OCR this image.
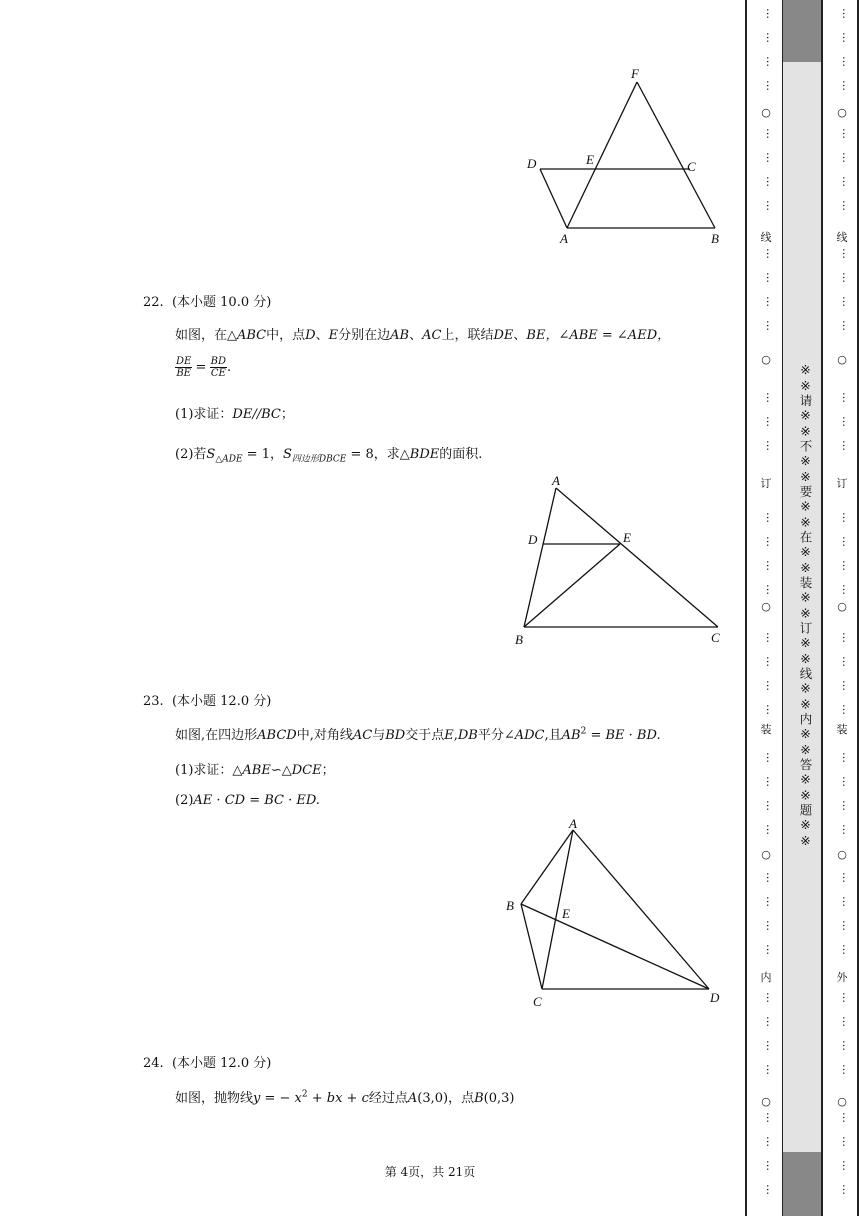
F
D	E	C
A	B
22. (本小题 10.0 分)
如图，在△ABC中，点D、E分别在边AB、AC上，联结DE、BE，∠ABE = ∠AED，
$\frac{DE}{BE} = \frac{BD}{CE}$ .
(1)求证：DE//BC；
(2)若$S_{\triangle ADE} = 1$，$S_{四边形DBCE} = 8$，求△BDE的面积.
A
D	E
B	C
23. (本小题 12.0 分)
如图,在四边形ABCD中,对角线AC与BD交于点E,DB平分∠ADC,且$AB^2$ = BE · BD.
(1)求证：△ABE∽△DCE；
(2)AE · CD = BC · ED.
A
B
E
C	D
24. (本小题 12.0 分)
如图，抛物线y = − $x^2$ + bx + c经过点A(3,0)，点B(0,3)
第 4页，共 21页
※※请※※不※※要※※在※※装※※订※※线※※内※※答※※题※※
○
○
○
○
○
线
订
装
内
…
…
…
…
…
…
…
…
…
…
…
…
…
…
…
…
…
…
…
…
…
…
…
…
…
…
…
…
…
…
…
…
…
…
…
…
…
…
…
○
○
○
○
○
线
订
装
外
…
…
…
…
…
…
…
…
…
…
…
…
…
…
…
…
…
…
…
…
…
…
…
…
…
…
…
…
…
…
…
…
…
…
…
…
…
…
…
